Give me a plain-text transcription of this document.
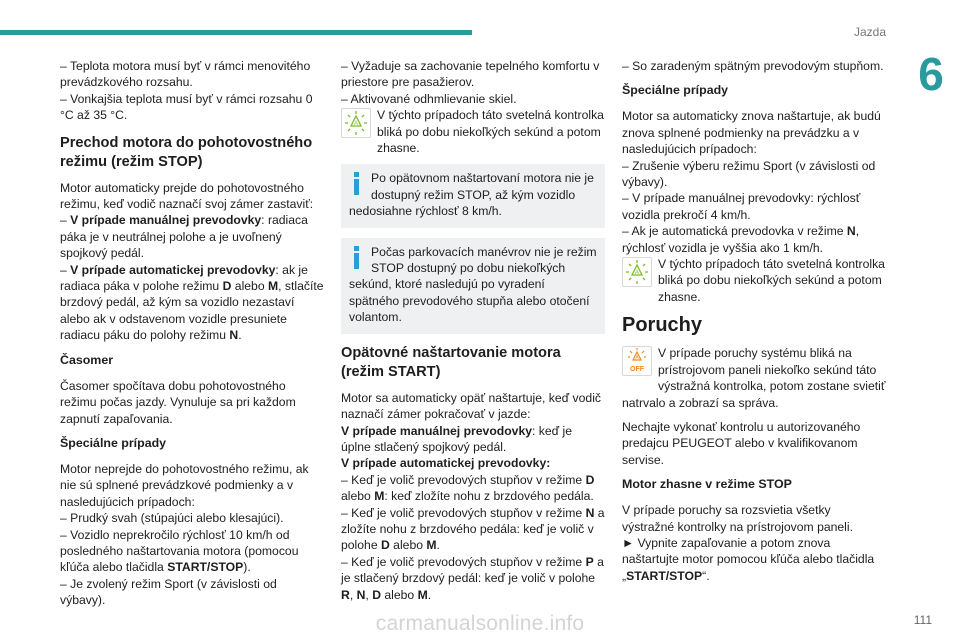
Jazda
6

– Teplota motora musí byť v rámci menovitého prevádzkového rozsahu.

– Vonkajšia teplota musí byť v rámci rozsahu 0 °C až 35 °C.

Prechod motora do pohotovostného režimu (režim STOP)

Motor automaticky prejde do pohotovostného režimu, keď vodič naznačí svoj zámer zastaviť:

– V prípade manuálnej prevodovky: radiaca páka je v neutrálnej polohe a je uvoľnený spojkový pedál.

– V prípade automatickej prevodovky: ak je radiaca páka v polohe režimu D alebo M, stlačíte brzdový pedál, až kým sa vozidlo nezastaví alebo ak v odstavenom vozidle presuniete radiacu páku do polohy režimu N.

Časomer

Časomer spočítava dobu pohotovostného režimu počas jazdy. Vynuluje sa pri každom zapnutí zapaľovania.

Špeciálne prípady

Motor neprejde do pohotovostného režimu, ak nie sú splnené prevádzkové podmienky a v nasledujúcich prípadoch:

– Prudký svah (stúpajúci alebo klesajúci).

– Vozidlo neprekročilo rýchlosť 10 km/h od posledného naštartovania motora (pomocou kľúča alebo tlačidla START/STOP).

– Je zvolený režim Sport (v závislosti od výbavy).

– Vyžaduje sa zachovanie tepelného komfortu v priestore pre pasažierov.

– Aktivované odhmlievanie skiel.

A
V týchto prípadoch táto svetelná kontrolka bliká po dobu niekoľkých sekúnd a potom zhasne.
Po opätovnom naštartovaní motora nie je dostupný režim STOP, až kým vozidlo nedosiahne rýchlosť 8 km/h.
Počas parkovacích manévrov nie je režim STOP dostupný po dobu niekoľkých sekúnd, ktoré nasledujú po vyradení spätného prevodového stupňa alebo otočení volantom.
Opätovné naštartovanie motora (režim START)

Motor sa automaticky opäť naštartuje, keď vodič naznačí zámer pokračovať v jazde:

V prípade manuálnej prevodovky: keď je úplne stlačený spojkový pedál.

V prípade automatickej prevodovky:

– Keď je volič prevodových stupňov v režime D alebo M: keď zložíte nohu z brzdového pedála.

– Keď je volič prevodových stupňov v režime N a zložíte nohu z brzdového pedála: keď je volič v polohe D alebo M.

– Keď je volič prevodových stupňov v režime P a je stlačený brzdový pedál: keď je volič v polohe R, N, D alebo M.

– So zaradeným spätným prevodovým stupňom.

Špeciálne prípady

Motor sa automaticky znova naštartuje, ak budú znova splnené podmienky na prevádzku a v nasledujúcich prípadoch:

– Zrušenie výberu režimu Sport (v závislosti od výbavy).

– V prípade manuálnej prevodovky: rýchlosť vozidla prekročí 4 km/h.

– Ak je automatická prevodovka v režime N, rýchlosť vozidla je vyššia ako 1 km/h.

A
V týchto prípadoch táto svetelná kontrolka bliká po dobu niekoľkých sekúnd a potom zhasne.
Poruchy
A
OFF
V prípade poruchy systému bliká na prístrojovom paneli niekoľko sekúnd táto výstražná kontrolka, potom zostane svietiť natrvalo a zobrazí sa správa.

Nechajte vykonať kontrolu u autorizovaného predajcu PEUGEOT alebo v kvalifikovanom servise.

Motor zhasne v režime STOP

V prípade poruchy sa rozsvietia všetky výstražné kontrolky na prístrojovom paneli.

► Vypnite zapaľovanie a potom znova naštartujte motor pomocou kľúča alebo tlačidla
„START/STOP“.

111
carmanualsonline.info
